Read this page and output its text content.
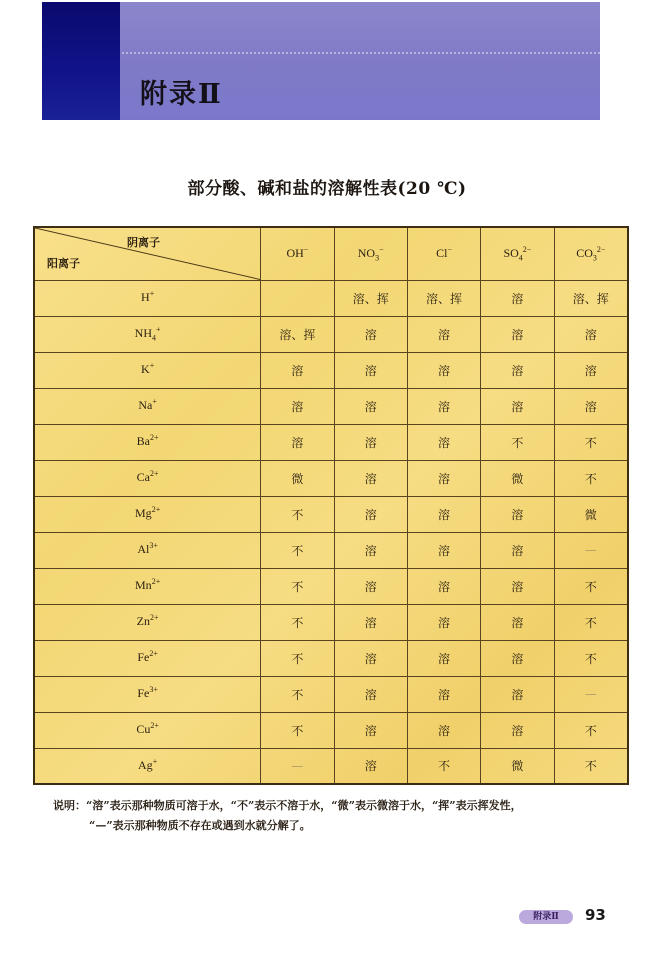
附录Ⅱ
部分酸、碱和盐的溶解性表(20 ℃)
阴离子
阳离子	OH−	$NO_3^-$	Cl−	$SO_4^{2-}$	$CO_3^{2-}$
H+		溶、挥	溶、挥	溶	溶、挥
$NH_4^+$	溶、挥	溶	溶	溶	溶
K+	溶	溶	溶	溶	溶
Na+	溶	溶	溶	溶	溶
$Ba^{2+}$	溶	溶	溶	不	不
$Ca^{2+}$	微	溶	溶	微	不
$Mg^{2+}$	不	溶	溶	溶	微
$Al^{3+}$	不	溶	溶	溶	—
$Mn^{2+}$	不	溶	溶	溶	不
$Zn^{2+}$	不	溶	溶	溶	不
$Fe^{2+}$	不	溶	溶	溶	不
$Fe^{3+}$	不	溶	溶	溶	—
$Cu^{2+}$	不	溶	溶	溶	不
Ag+	—	溶	不	微	不
说明：“溶”表示那种物质可溶于水，“不”表示不溶于水，“微”表示微溶于水，“挥”表示挥发性，
“—”表示那种物质不存在或遇到水就分解了。
附录Ⅱ	93
